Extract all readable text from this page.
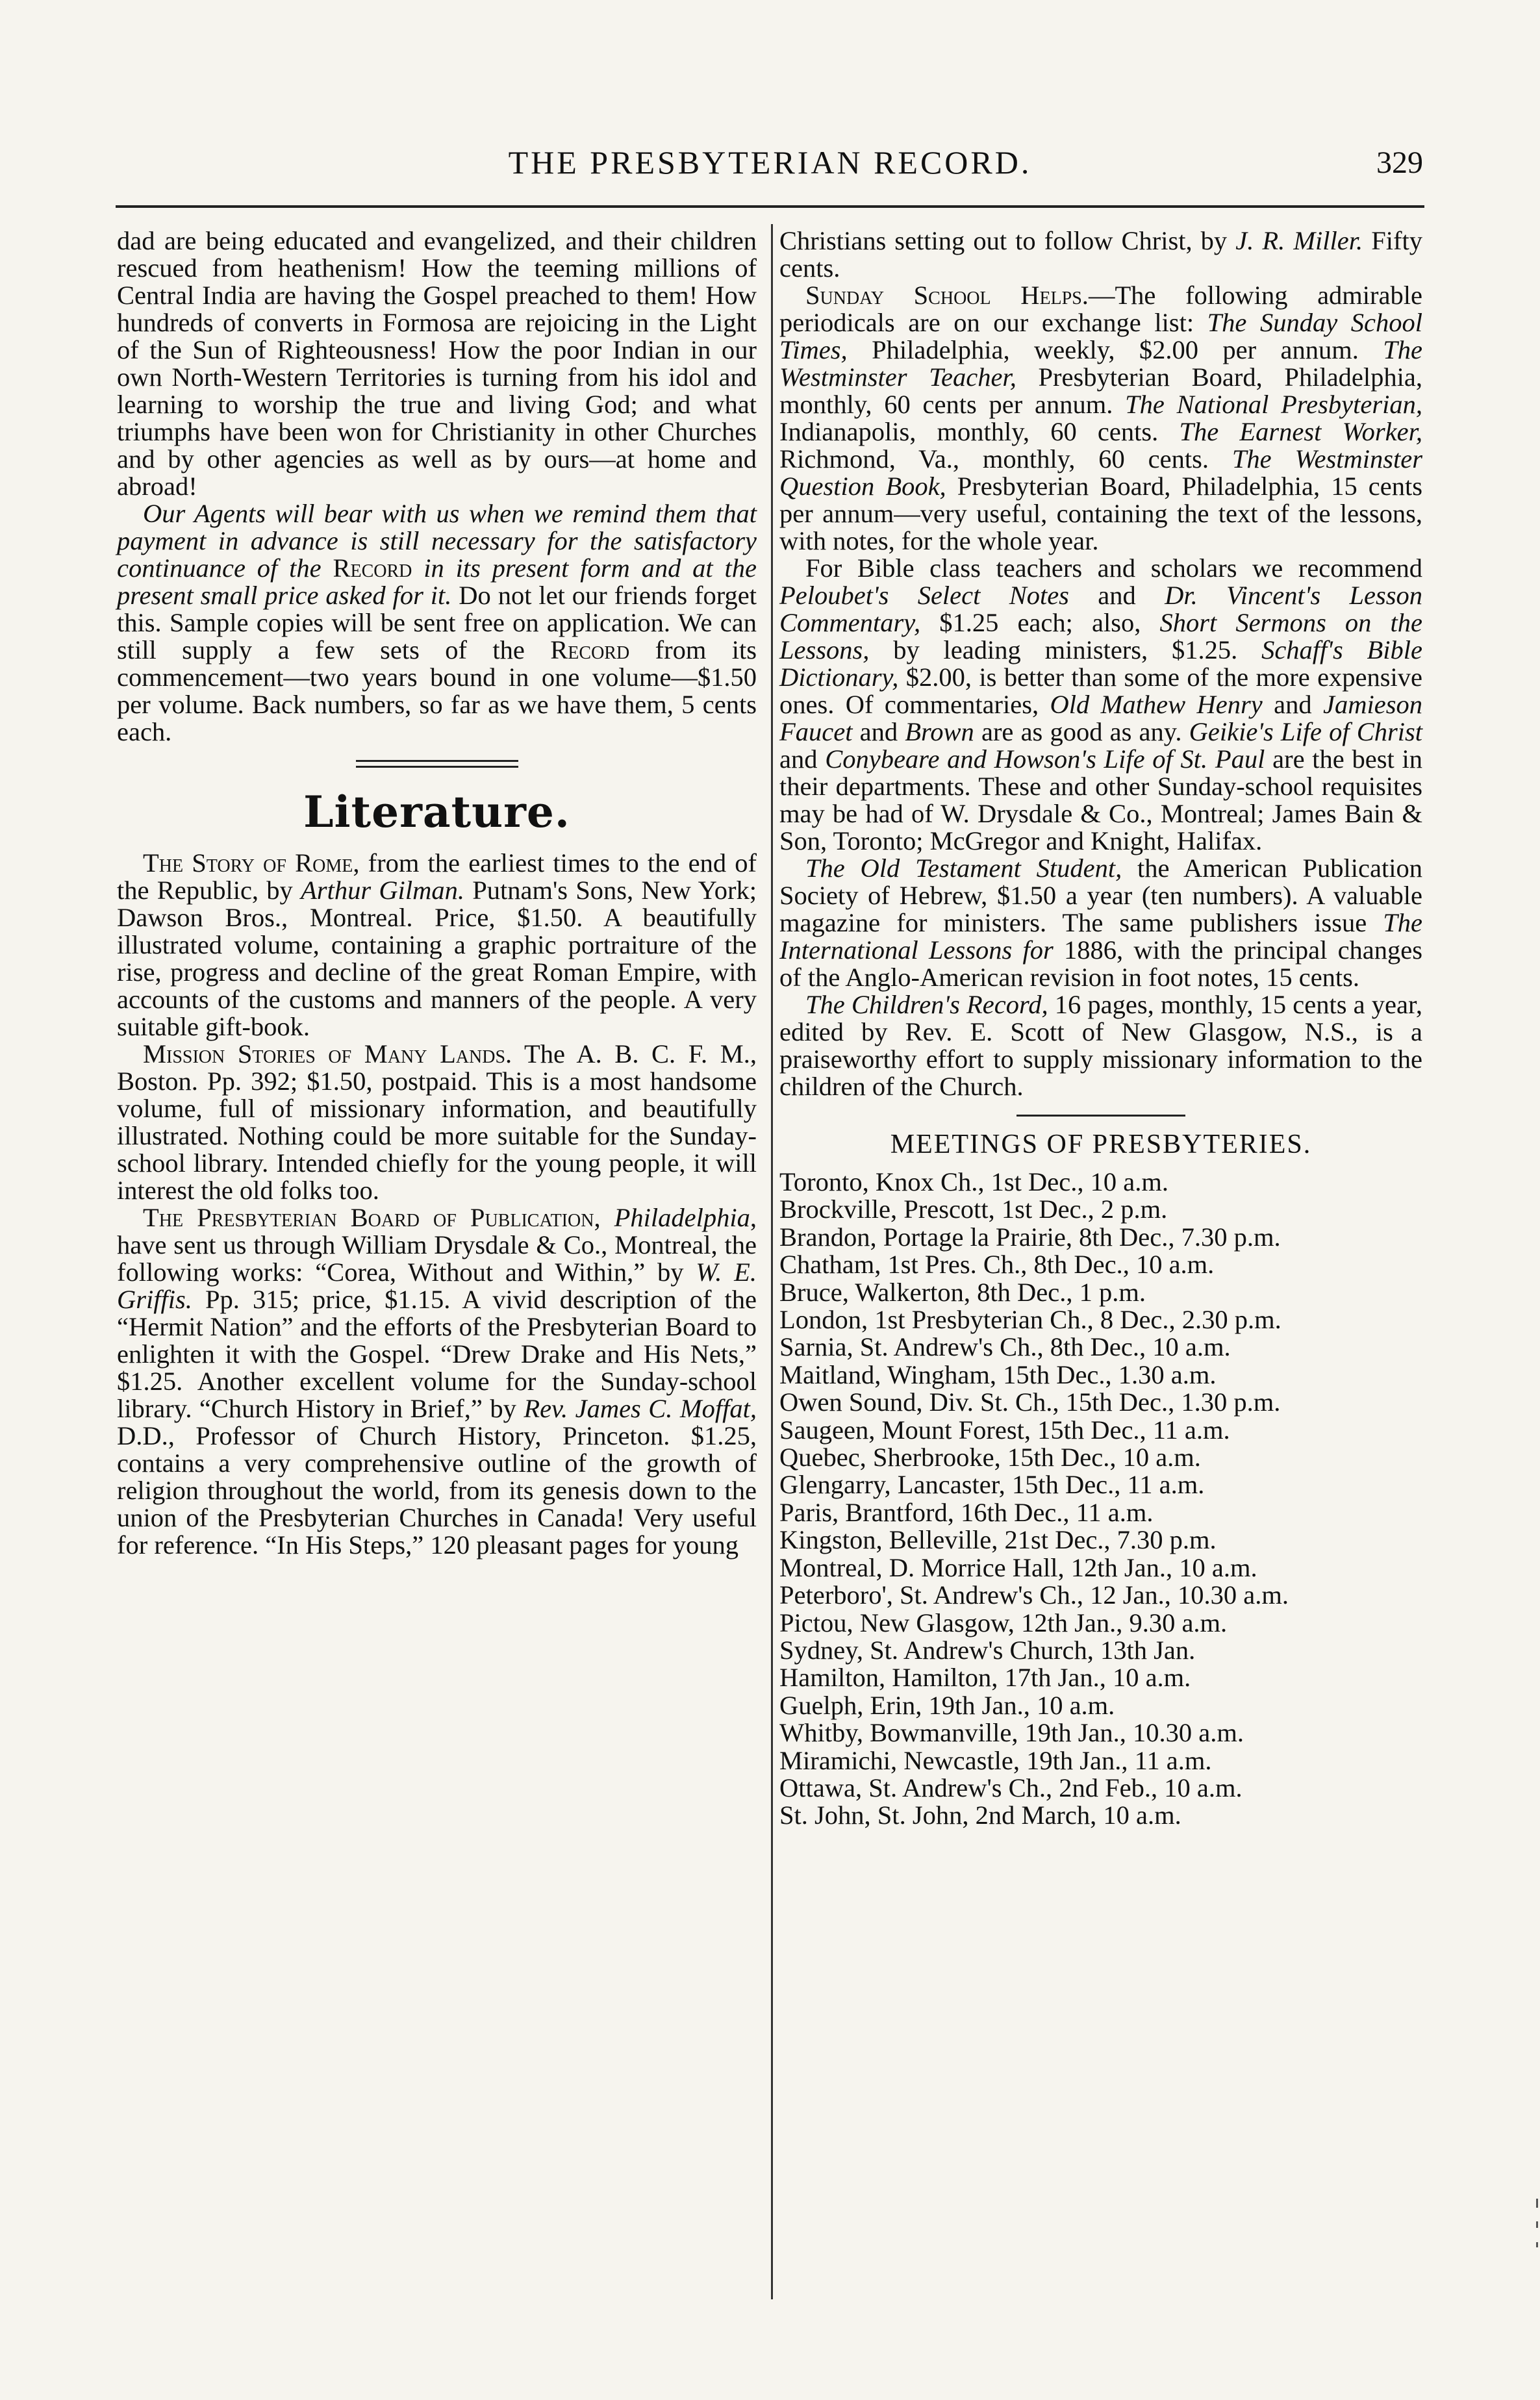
THE PRESBYTERIAN RECORD.	329

dad are being educated and evangelized, and their children rescued from heathenism! How the teeming millions of Central India are having the Gospel preached to them! How hundreds of converts in Formosa are rejoicing in the Light of the Sun of Righteousness! How the poor Indian in our own North-Western Territories is turning from his idol and learning to worship the true and living God; and what triumphs have been won for Christianity in other Churches and by other agencies as well as by ours—at home and abroad!

Our Agents will bear with us when we remind them that payment in advance is still necessary for the satisfactory continuance of the Record in its present form and at the present small price asked for it. Do not let our friends forget this. Sample copies will be sent free on application. We can still supply a few sets of the Record from its commencement—two years bound in one volume—$1.50 per volume. Back numbers, so far as we have them, 5 cents each.

Literature.

The Story of Rome, from the earliest times to the end of the Republic, by Arthur Gilman. Putnam's Sons, New York; Dawson Bros., Montreal. Price, $1.50. A beautifully illustrated volume, containing a graphic portraiture of the rise, progress and decline of the great Roman Empire, with accounts of the customs and manners of the people. A very suitable gift-book.

Mission Stories of Many Lands. The A. B. C. F. M., Boston. Pp. 392; $1.50, postpaid. This is a most handsome volume, full of missionary information, and beautifully illustrated. Nothing could be more suitable for the Sunday-school library. Intended chiefly for the young people, it will interest the old folks too.

The Presbyterian Board of Publication, Philadelphia, have sent us through William Drysdale & Co., Montreal, the following works: “Corea, Without and Within,” by W. E. Griffis. Pp. 315; price, $1.15. A vivid description of the “Hermit Nation” and the efforts of the Presbyterian Board to enlighten it with the Gospel. “Drew Drake and His Nets,” $1.25. Another excellent volume for the Sunday-school library. “Church History in Brief,” by Rev. James C. Moffat, D.D., Professor of Church History, Princeton. $1.25, contains a very comprehensive outline of the growth of religion throughout the world, from its genesis down to the union of the Presbyterian Churches in Canada! Very useful for reference. “In His Steps,” 120 pleasant pages for young

Christians setting out to follow Christ, by J. R. Miller. Fifty cents.

Sunday School Helps.—The following admirable periodicals are on our exchange list: The Sunday School Times, Philadelphia, weekly, $2.00 per annum. The Westminster Teacher, Presbyterian Board, Philadelphia, monthly, 60 cents per annum. The National Presbyterian, Indianapolis, monthly, 60 cents. The Earnest Worker, Richmond, Va., monthly, 60 cents. The Westminster Question Book, Presbyterian Board, Philadelphia, 15 cents per annum—very useful, containing the text of the lessons, with notes, for the whole year.

For Bible class teachers and scholars we recommend Peloubet's Select Notes and Dr. Vincent's Lesson Commentary, $1.25 each; also, Short Sermons on the Lessons, by leading ministers, $1.25. Schaff's Bible Dictionary, $2.00, is better than some of the more expensive ones. Of commentaries, Old Mathew Henry and Jamieson Faucet and Brown are as good as any. Geikie's Life of Christ and Conybeare and Howson's Life of St. Paul are the best in their departments. These and other Sunday-school requisites may be had of W. Drysdale & Co., Montreal; James Bain & Son, Toronto; McGregor and Knight, Halifax.

The Old Testament Student, the American Publication Society of Hebrew, $1.50 a year (ten numbers). A valuable magazine for ministers. The same publishers issue The International Lessons for 1886, with the principal changes of the Anglo-American revision in foot notes, 15 cents.

The Children's Record, 16 pages, monthly, 15 cents a year, edited by Rev. E. Scott of New Glasgow, N.S., is a praiseworthy effort to supply missionary information to the children of the Church.

MEETINGS OF PRESBYTERIES.
Toronto, Knox Ch., 1st Dec., 10 a.m.
Brockville, Prescott, 1st Dec., 2 p.m.
Brandon, Portage la Prairie, 8th Dec., 7.30 p.m.
Chatham, 1st Pres. Ch., 8th Dec., 10 a.m.
Bruce, Walkerton, 8th Dec., 1 p.m.
London, 1st Presbyterian Ch., 8 Dec., 2.30 p.m.
Sarnia, St. Andrew's Ch., 8th Dec., 10 a.m.
Maitland, Wingham, 15th Dec., 1.30 a.m.
Owen Sound, Div. St. Ch., 15th Dec., 1.30 p.m.
Saugeen, Mount Forest, 15th Dec., 11 a.m.
Quebec, Sherbrooke, 15th Dec., 10 a.m.
Glengarry, Lancaster, 15th Dec., 11 a.m.
Paris, Brantford, 16th Dec., 11 a.m.
Kingston, Belleville, 21st Dec., 7.30 p.m.
Montreal, D. Morrice Hall, 12th Jan., 10 a.m.
Peterboro', St. Andrew's Ch., 12 Jan., 10.30 a.m.
Pictou, New Glasgow, 12th Jan., 9.30 a.m.
Sydney, St. Andrew's Church, 13th Jan.
Hamilton, Hamilton, 17th Jan., 10 a.m.
Guelph, Erin, 19th Jan., 10 a.m.
Whitby, Bowmanville, 19th Jan., 10.30 a.m.
Miramichi, Newcastle, 19th Jan., 11 a.m.
Ottawa, St. Andrew's Ch., 2nd Feb., 10 a.m.
St. John, St. John, 2nd March, 10 a.m.
